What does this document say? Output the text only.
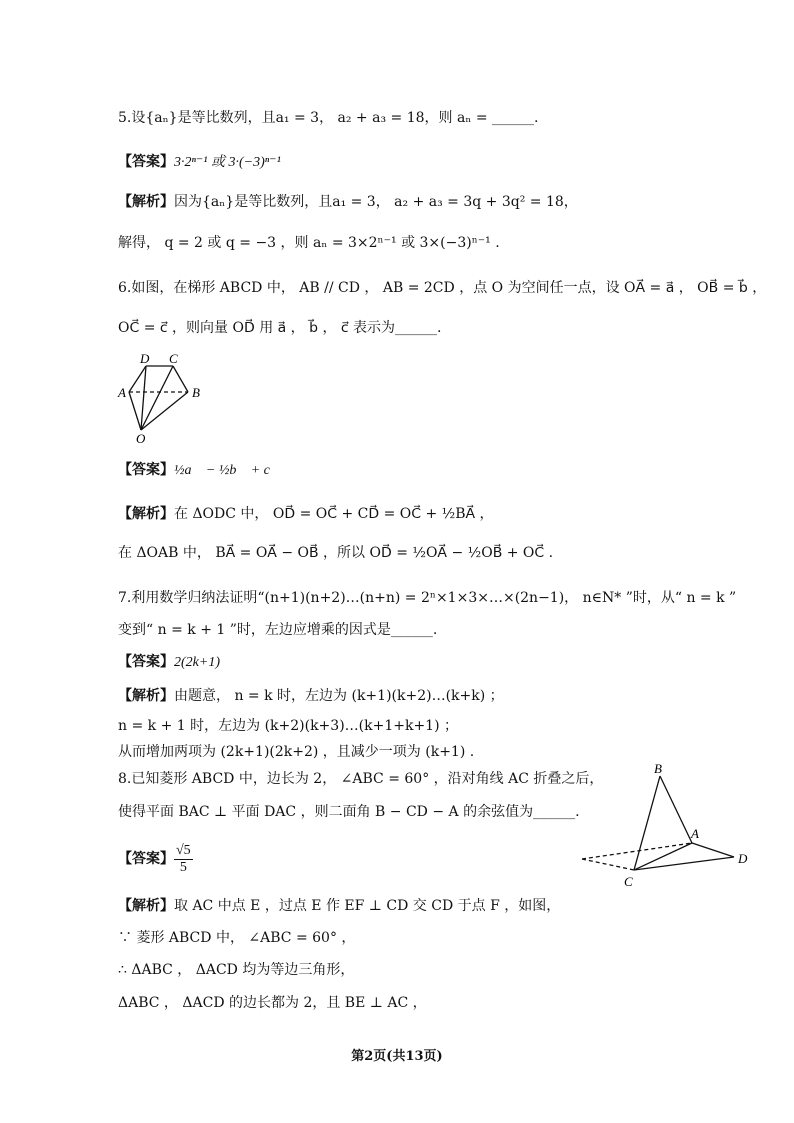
5.设{aₙ}是等比数列，且a₁ = 3， a₂ + a₃ = 18，则 aₙ = ______.
【答案】3·2ⁿ⁻¹ 或 3·(−3)ⁿ⁻¹
【解析】因为{aₙ}是等比数列，且a₁ = 3， a₂ + a₃ = 3q + 3q² = 18，
解得， q = 2 或 q = −3 ，则 aₙ = 3×2ⁿ⁻¹ 或 3×(−3)ⁿ⁻¹ .
6.如图，在梯形 ABCD 中， AB // CD ， AB = 2CD ，点 O 为空间任一点，设 OA⃗ = a⃗ ， OB⃗ = b⃗ ，
OC⃗ = c⃗ ，则向量 OD⃗ 用 a⃗ ， b⃗ ， c⃗ 表示为______.
D C
A	B
O
【答案】½a⃗ − ½b⃗ + c⃗
【解析】在 ΔODC 中， OD⃗ = OC⃗ + CD⃗ = OC⃗ + ½BA⃗ ，
在 ΔOAB 中， BA⃗ = OA⃗ − OB⃗ ，所以 OD⃗ = ½OA⃗ − ½OB⃗ + OC⃗ .
7.利用数学归纳法证明“(n+1)(n+2)…(n+n) = 2ⁿ×1×3×…×(2n−1)， n∈N* ”时，从“ n = k ”
变到“ n = k + 1 ”时，左边应增乘的因式是______.
【答案】2(2k+1)
【解析】由题意， n = k 时，左边为 (k+1)(k+2)…(k+k) ；
n = k + 1 时，左边为 (k+2)(k+3)…(k+1+k+1) ；
从而增加两项为 (2k+1)(2k+2) ，且减少一项为 (k+1) .
8.已知菱形 ABCD 中，边长为 2， ∠ABC = 60° ，沿对角线 AC 折叠之后，
使得平面 BAC ⊥ 平面 DAC ，则二面角 B − CD − A 的余弦值为______.
【答案】 $\frac{√5}{5}$
B
A
D
C
【解析】取 AC 中点 E ，过点 E 作 EF ⊥ CD 交 CD 于点 F ，如图，
∵ 菱形 ABCD 中， ∠ABC = 60° ，
∴ ΔABC ， ΔACD 均为等边三角形，
ΔABC ， ΔACD 的边长都为 2，且 BE ⊥ AC ，
第2页(共13页)
